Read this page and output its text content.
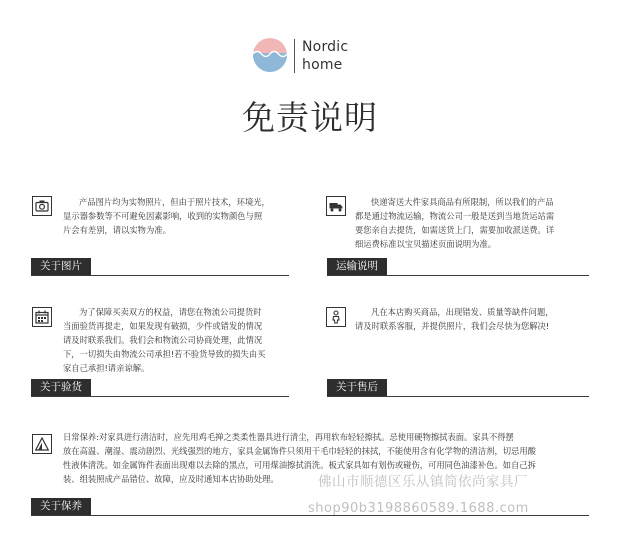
Nordic
home
免责说明

产品图片均为实物照片，但由于照片技术，环境光，

显示器参数等不可避免因素影响，收到的实物颜色与照

片会有差别，请以实物为准。

关于图片

快递寄送大件家具商品有所限制，所以我们的产品

都是通过物流运输，物流公司一般是送到当地货运站需

要您亲自去提货，如需送货上门，需要加收派送费。详

细运费标准以宝贝描述页面说明为准。

运输说明

为了保障买卖双方的权益，请您在物流公司提货时

当面验货再提走，如果发现有破损，少件或错发的情况

请及时联系我们。我们会和物流公司协商处理，此情况

下，一切损失由物流公司承担!若不验货导致的损失由买

家自己承担!请亲谅解。

关于验货

凡在本店购买商品，出现错发、质量等缺件问题，

请及时联系客服，并提供照片，我们会尽快为您解决!

关于售后

日常保养:对家具进行清洁时，应先用鸡毛掸之类柔性器具进行清尘，再用软布轻轻擦拭。忌使用硬物擦拭表面。家具不得摆

放在高温、潮湿、震动剧烈、光线强烈的地方，家具金属饰件只须用干毛巾轻轻的抹拭，不能使用含有化学物的清洁剂，切忌用酸

性液体清洗。如金属饰件表面出现难以去除的黑点，可用煤油擦拭消洗。板式家具如有划伤或碰伤，可用同色油漆补色。如自己拆

装、组装照成产品错位、故障，应及时通知本店协助处理。

关于保养
佛山市顺德区乐从镇简依尚家具厂
shop90b3198860589.1688.com
